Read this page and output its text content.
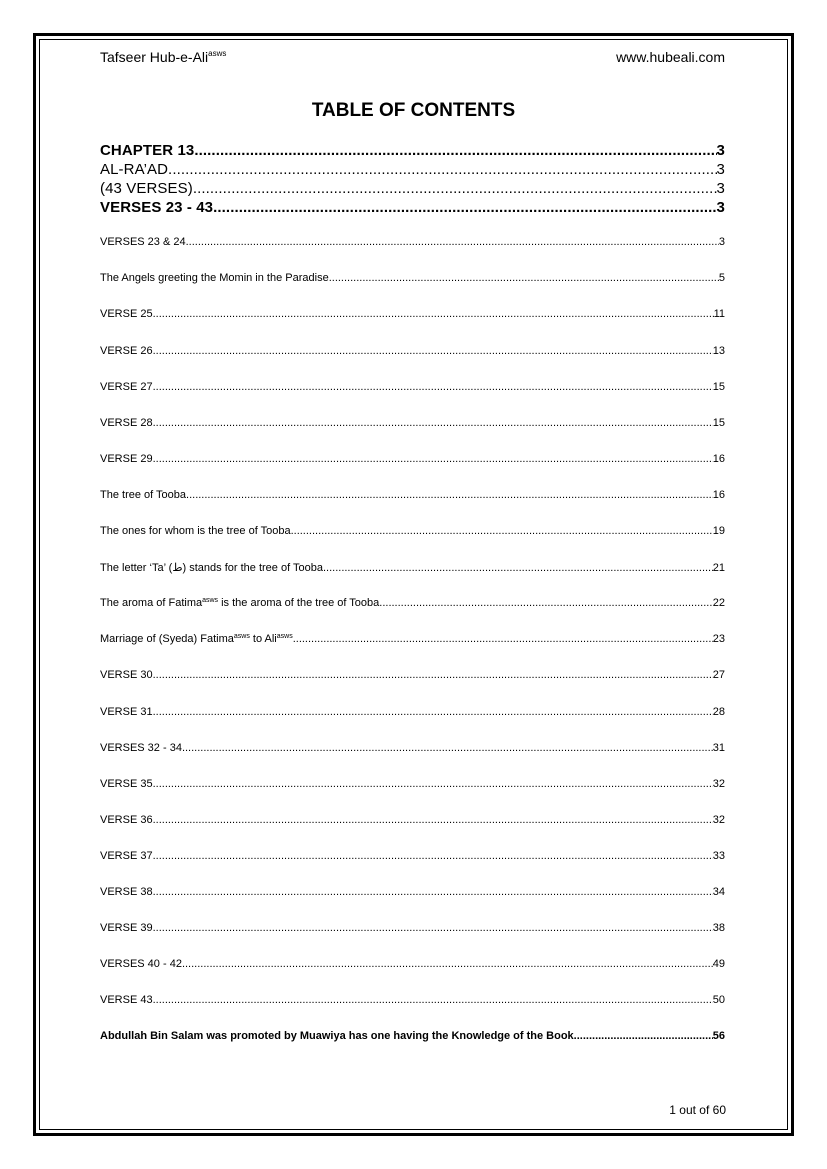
Tafseer Hub-e-Ali$^{asws}$	www.hubeali.com
TABLE OF CONTENTS
CHAPTER 13 .....	3
AL-RA’AD .....	3
(43 VERSES) .....	3
VERSES 23 - 43 .....	3
VERSES 23 & 24 .....	3
The Angels greeting the Momin in the Paradise .....	5
VERSE 25 .....	11
VERSE 26 .....	13
VERSE 27 .....	15
VERSE 28 .....	15
VERSE 29 .....	16
The tree of Tooba .....	16
The ones for whom is the tree of Tooba .....	19
The letter ‘Ta’ (ط) stands for the tree of Tooba .....	21
The aroma of Fatima$^{asws}$ is the aroma of the tree of Tooba .....	22
Marriage of (Syeda) Fatima$^{asws}$ to Ali$^{asws}$ .....	23
VERSE 30 .....	27
VERSE 31 .....	28
VERSES 32 - 34 .....	31
VERSE 35 .....	32
VERSE 36 .....	32
VERSE 37 .....	33
VERSE 38 .....	34
VERSE 39 .....	38
VERSES 40 - 42 .....	49
VERSE 43 .....	50
Abdullah Bin Salam was promoted by Muawiya has one having the Knowledge of the Book .....	56
1 out of 60
